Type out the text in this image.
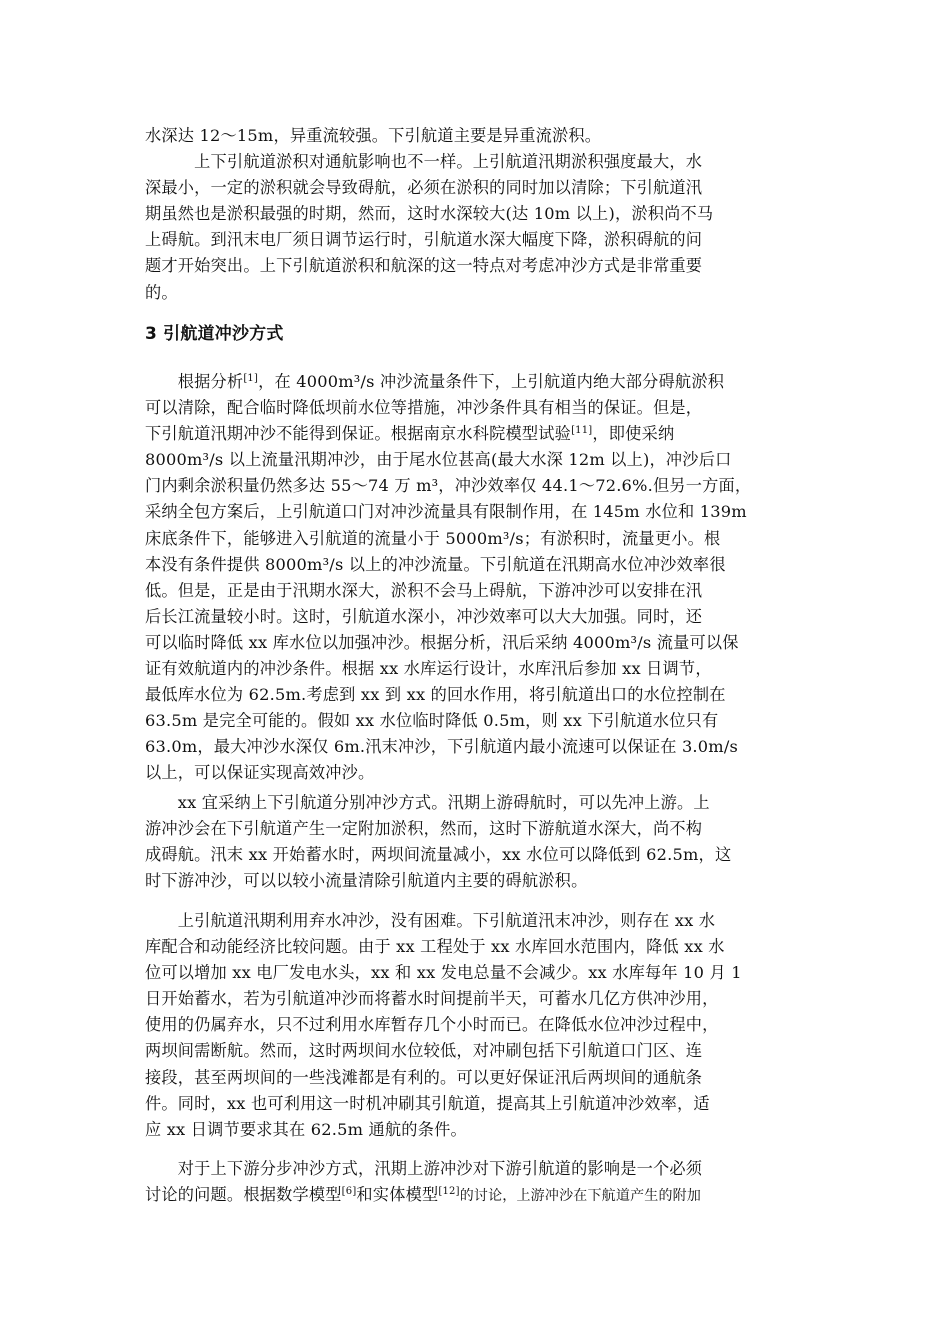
水深达 12～15m，异重流较强。下引航道主要是异重流淤积。
　　　上下引航道淤积对通航影响也不一样。上引航道汛期淤积强度最大，水
深最小，一定的淤积就会导致碍航，必须在淤积的同时加以清除；下引航道汛
期虽然也是淤积最强的时期，然而，这时水深较大(达 10m 以上)，淤积尚不马
上碍航。到汛末电厂须日调节运行时，引航道水深大幅度下降，淤积碍航的问
题才开始突出。上下引航道淤积和航深的这一特点对考虑冲沙方式是非常重要
的。
3 引航道冲沙方式
　　根据分析[1]，在 4000m³/s 冲沙流量条件下，上引航道内绝大部分碍航淤积
可以清除，配合临时降低坝前水位等措施，冲沙条件具有相当的保证。但是，
下引航道汛期冲沙不能得到保证。根据南京水科院模型试验[11]，即使采纳
8000m³/s 以上流量汛期冲沙，由于尾水位甚高(最大水深 12m 以上)，冲沙后口
门内剩余淤积量仍然多达 55～74 万 m³，冲沙效率仅 44.1～72.6%.但另一方面，
采纳全包方案后，上引航道口门对冲沙流量具有限制作用，在 145m 水位和 139m
床底条件下，能够进入引航道的流量小于 5000m³/s；有淤积时，流量更小。根
本没有条件提供 8000m³/s 以上的冲沙流量。下引航道在汛期高水位冲沙效率很
低。但是，正是由于汛期水深大，淤积不会马上碍航，下游冲沙可以安排在汛
后长江流量较小时。这时，引航道水深小，冲沙效率可以大大加强。同时，还
可以临时降低 xx 库水位以加强冲沙。根据分析，汛后采纳 4000m³/s 流量可以保
证有效航道内的冲沙条件。根据 xx 水库运行设计，水库汛后参加 xx 日调节，
最低库水位为 62.5m.考虑到 xx 到 xx 的回水作用，将引航道出口的水位控制在
63.5m 是完全可能的。假如 xx 水位临时降低 0.5m，则 xx 下引航道水位只有
63.0m，最大冲沙水深仅 6m.汛末冲沙，下引航道内最小流速可以保证在 3.0m/s
以上，可以保证实现高效冲沙。
　　xx 宜采纳上下引航道分别冲沙方式。汛期上游碍航时，可以先冲上游。上
游冲沙会在下引航道产生一定附加淤积，然而，这时下游航道水深大，尚不构
成碍航。汛末 xx 开始蓄水时，两坝间流量减小，xx 水位可以降低到 62.5m，这
时下游冲沙，可以以较小流量清除引航道内主要的碍航淤积。
　　上引航道汛期利用弃水冲沙，没有困难。下引航道汛末冲沙，则存在 xx 水
库配合和动能经济比较问题。由于 xx 工程处于 xx 水库回水范围内，降低 xx 水
位可以增加 xx 电厂发电水头，xx 和 xx 发电总量不会减少。xx 水库每年 10 月 1
日开始蓄水，若为引航道冲沙而将蓄水时间提前半天，可蓄水几亿方供冲沙用，
使用的仍属弃水，只不过利用水库暂存几个小时而已。在降低水位冲沙过程中，
两坝间需断航。然而，这时两坝间水位较低，对冲刷包括下引航道口门区、连
接段，甚至两坝间的一些浅滩都是有利的。可以更好保证汛后两坝间的通航条
件。同时，xx 也可利用这一时机冲刷其引航道，提高其上引航道冲沙效率，适
应 xx 日调节要求其在 62.5m 通航的条件。
　　对于上下游分步冲沙方式，汛期上游冲沙对下游引航道的影响是一个必须
讨论的问题。根据数学模型[6]和实体模型[12]的讨论，上游冲沙在下航道产生的附加
